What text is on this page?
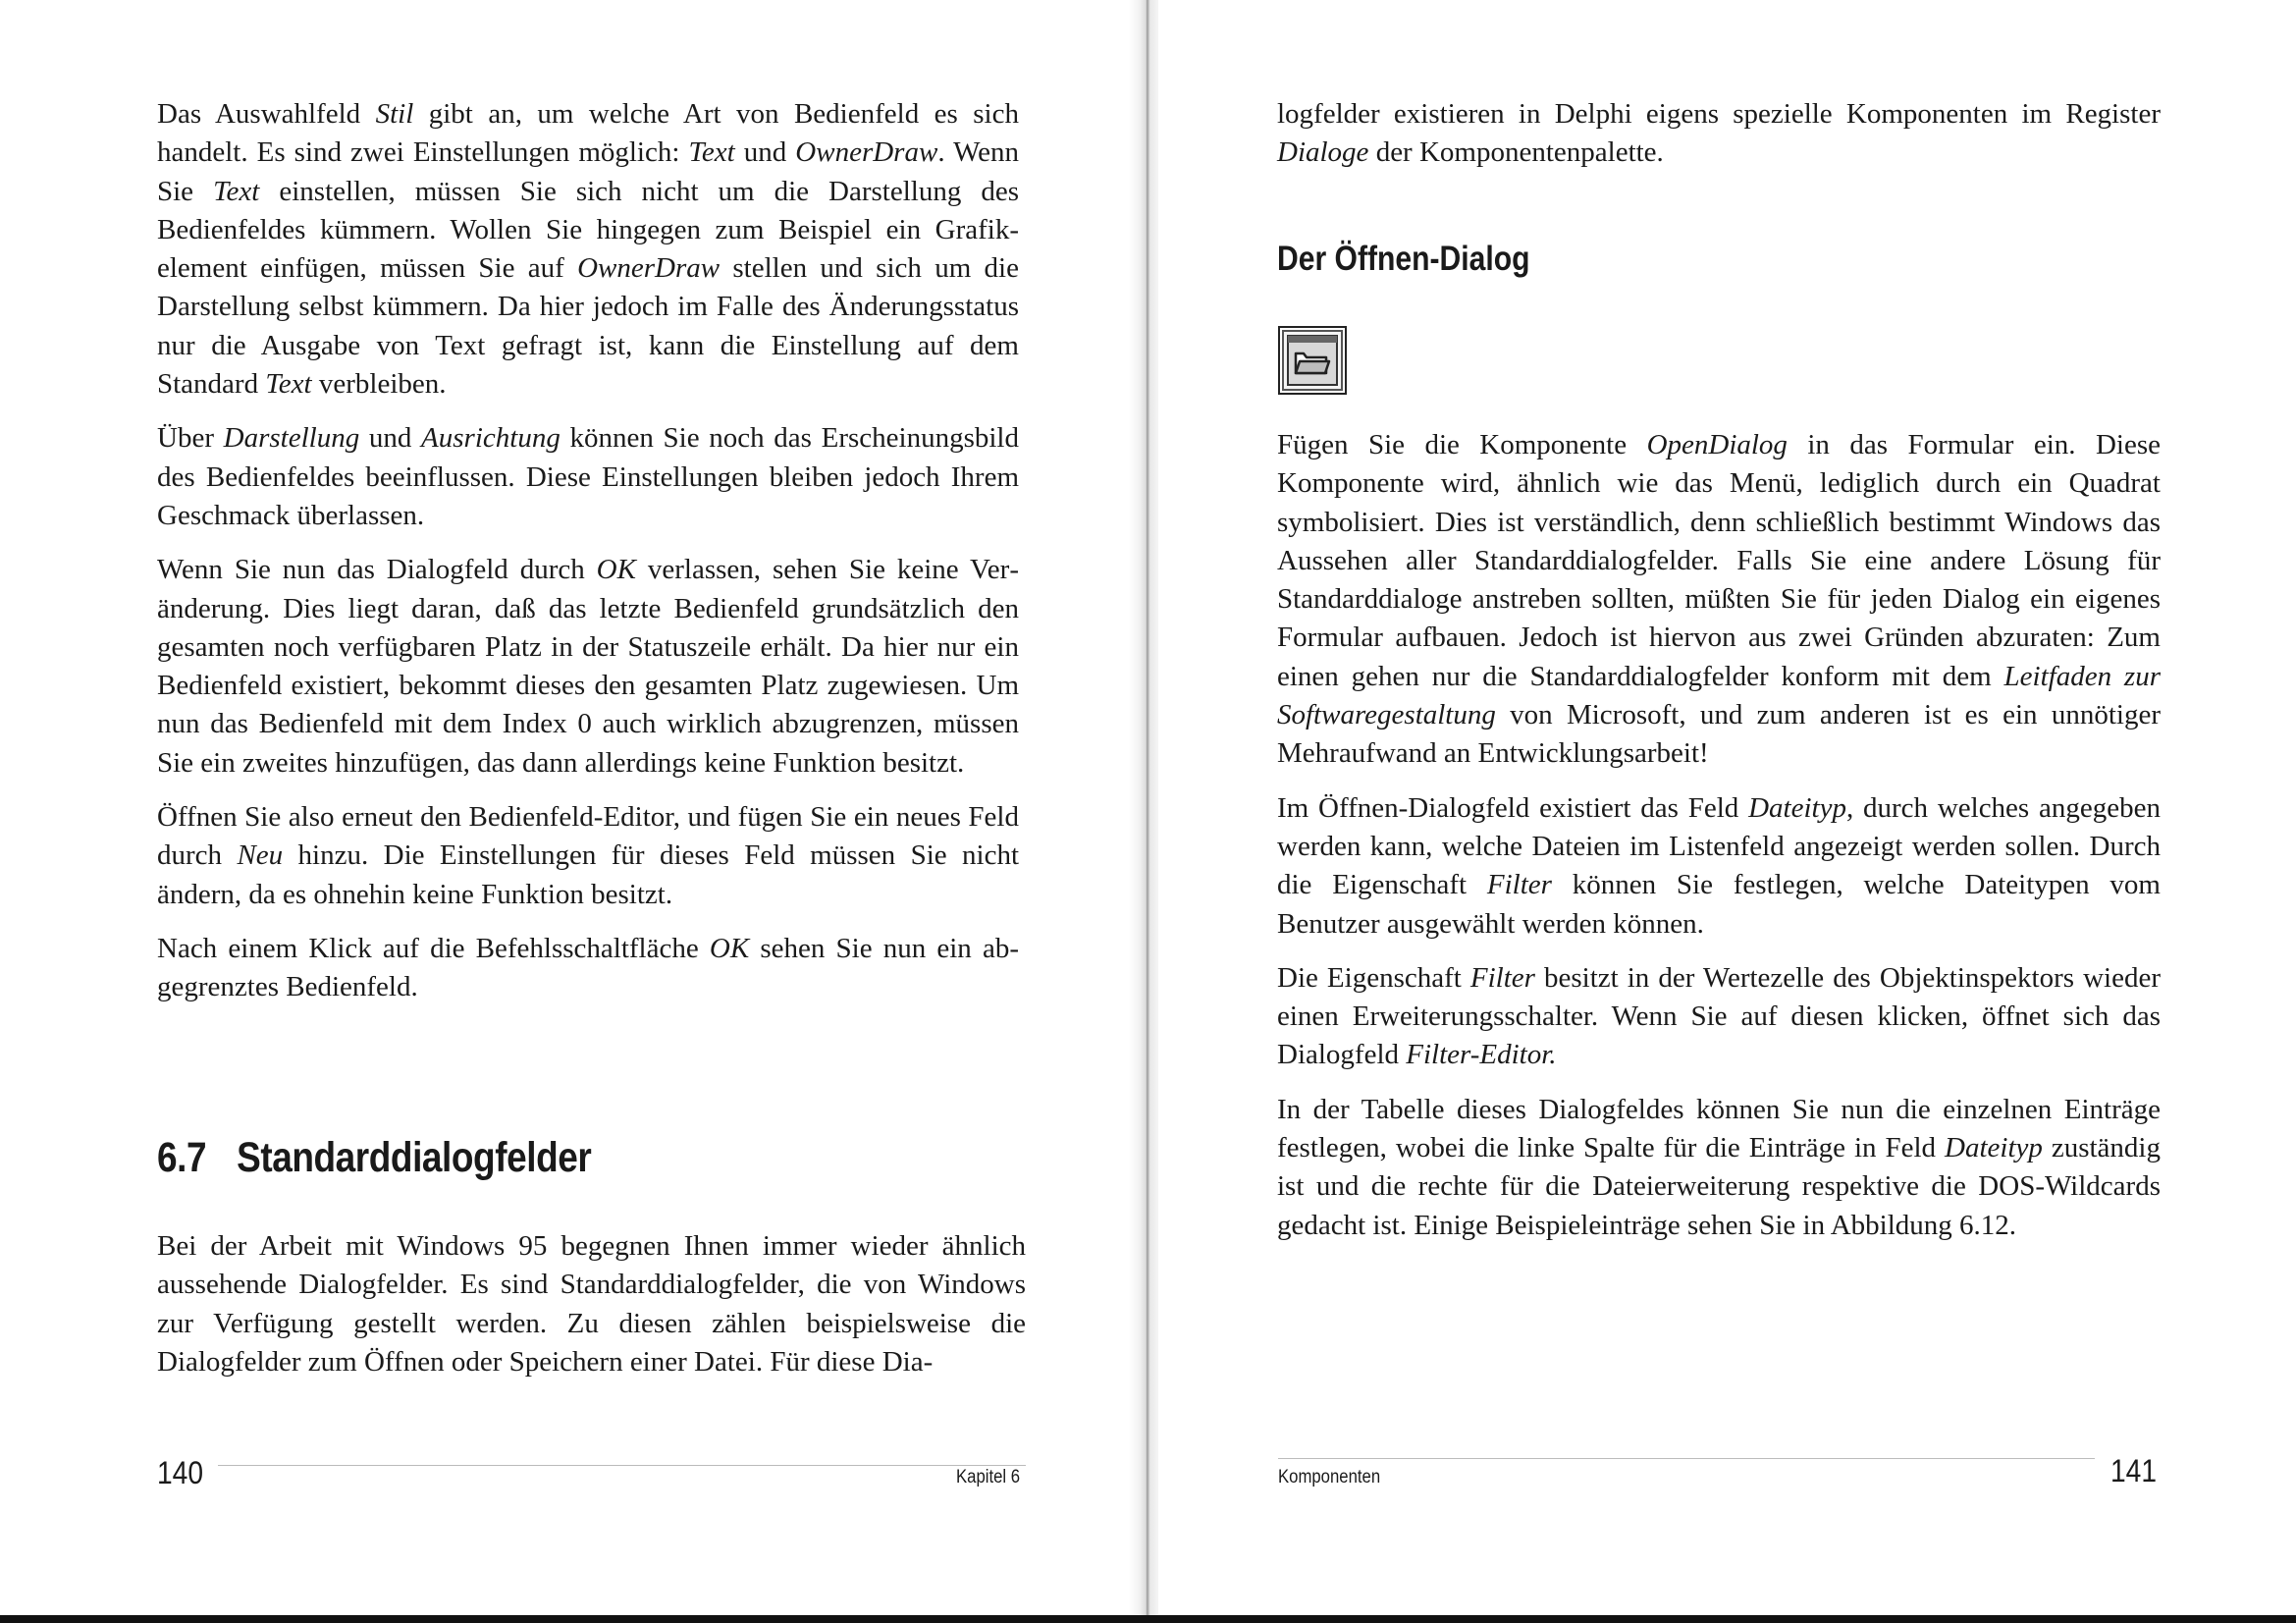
Das Auswahlfeld Stil gibt an, um welche Art von Bedienfeld es sich handelt. Es sind zwei Einstellungen möglich: Text und OwnerDraw. Wenn Sie Text einstellen, müssen Sie sich nicht um die Darstellung des Bedienfeldes kümmern. Wollen Sie hingegen zum Beispiel ein Grafikelement einfügen, müssen Sie auf OwnerDraw stellen und sich um die Darstellung selbst kümmern. Da hier jedoch im Falle des Änderungsstatus nur die Ausgabe von Text gefragt ist, kann die Einstellung auf dem Standard Text verbleiben.

Über Darstellung und Ausrichtung können Sie noch das Erscheinungsbild des Bedienfeldes beeinflussen. Diese Einstellungen bleiben jedoch Ihrem Geschmack überlassen.

Wenn Sie nun das Dialogfeld durch OK verlassen, sehen Sie keine Veränderung. Dies liegt daran, daß das letzte Bedienfeld grundsätzlich den gesamten noch verfügbaren Platz in der Statuszeile erhält. Da hier nur ein Bedienfeld existiert, bekommt dieses den gesamten Platz zugewiesen. Um nun das Bedienfeld mit dem Index 0 auch wirklich abzugrenzen, müssen Sie ein zweites hinzufügen, das dann allerdings keine Funktion besitzt.

Öffnen Sie also erneut den Bedienfeld-Editor, und fügen Sie ein neues Feld durch Neu hinzu. Die Einstellungen für dieses Feld müssen Sie nicht ändern, da es ohnehin keine Funktion besitzt.

Nach einem Klick auf die Befehlsschaltfläche OK sehen Sie nun ein abgegrenztes Bedienfeld.

6.7 Standarddialogfelder

Bei der Arbeit mit Windows 95 begegnen Ihnen immer wieder ähnlich aussehende Dialogfelder. Es sind Standarddialogfelder, die von Windows zur Verfügung gestellt werden. Zu diesen zählen beispielsweise die Dialogfelder zum Öffnen oder Speichern einer Datei. Für diese Dia-

140	Kapitel 6

logfelder existieren in Delphi eigens spezielle Komponenten im Register Dialoge der Komponentenpalette.

Der Öffnen-Dialog

Fügen Sie die Komponente OpenDialog in das Formular ein. Diese Komponente wird, ähnlich wie das Menü, lediglich durch ein Quadrat symbolisiert. Dies ist verständlich, denn schließlich bestimmt Windows das Aussehen aller Standarddialogfelder. Falls Sie eine andere Lösung für Standarddialoge anstreben sollten, müßten Sie für jeden Dialog ein eigenes Formular aufbauen. Jedoch ist hiervon aus zwei Gründen abzuraten: Zum einen gehen nur die Standarddialogfelder konform mit dem Leitfaden zur Softwaregestaltung von Microsoft, und zum anderen ist es ein unnötiger Mehraufwand an Entwicklungsarbeit!

Im Öffnen-Dialogfeld existiert das Feld Dateityp, durch welches angegeben werden kann, welche Dateien im Listenfeld angezeigt werden sollen. Durch die Eigenschaft Filter können Sie festlegen, welche Dateitypen vom Benutzer ausgewählt werden können.

Die Eigenschaft Filter besitzt in der Wertezelle des Objektinspektors wieder einen Erweiterungsschalter. Wenn Sie auf diesen klicken, öffnet sich das Dialogfeld Filter-Editor.

In der Tabelle dieses Dialogfeldes können Sie nun die einzelnen Einträge festlegen, wobei die linke Spalte für die Einträge in Feld Dateityp zuständig ist und die rechte für die Dateierweiterung respektive die DOS-Wildcards gedacht ist. Einige Beispieleinträge sehen Sie in Abbildung 6.12.

Komponenten	141
